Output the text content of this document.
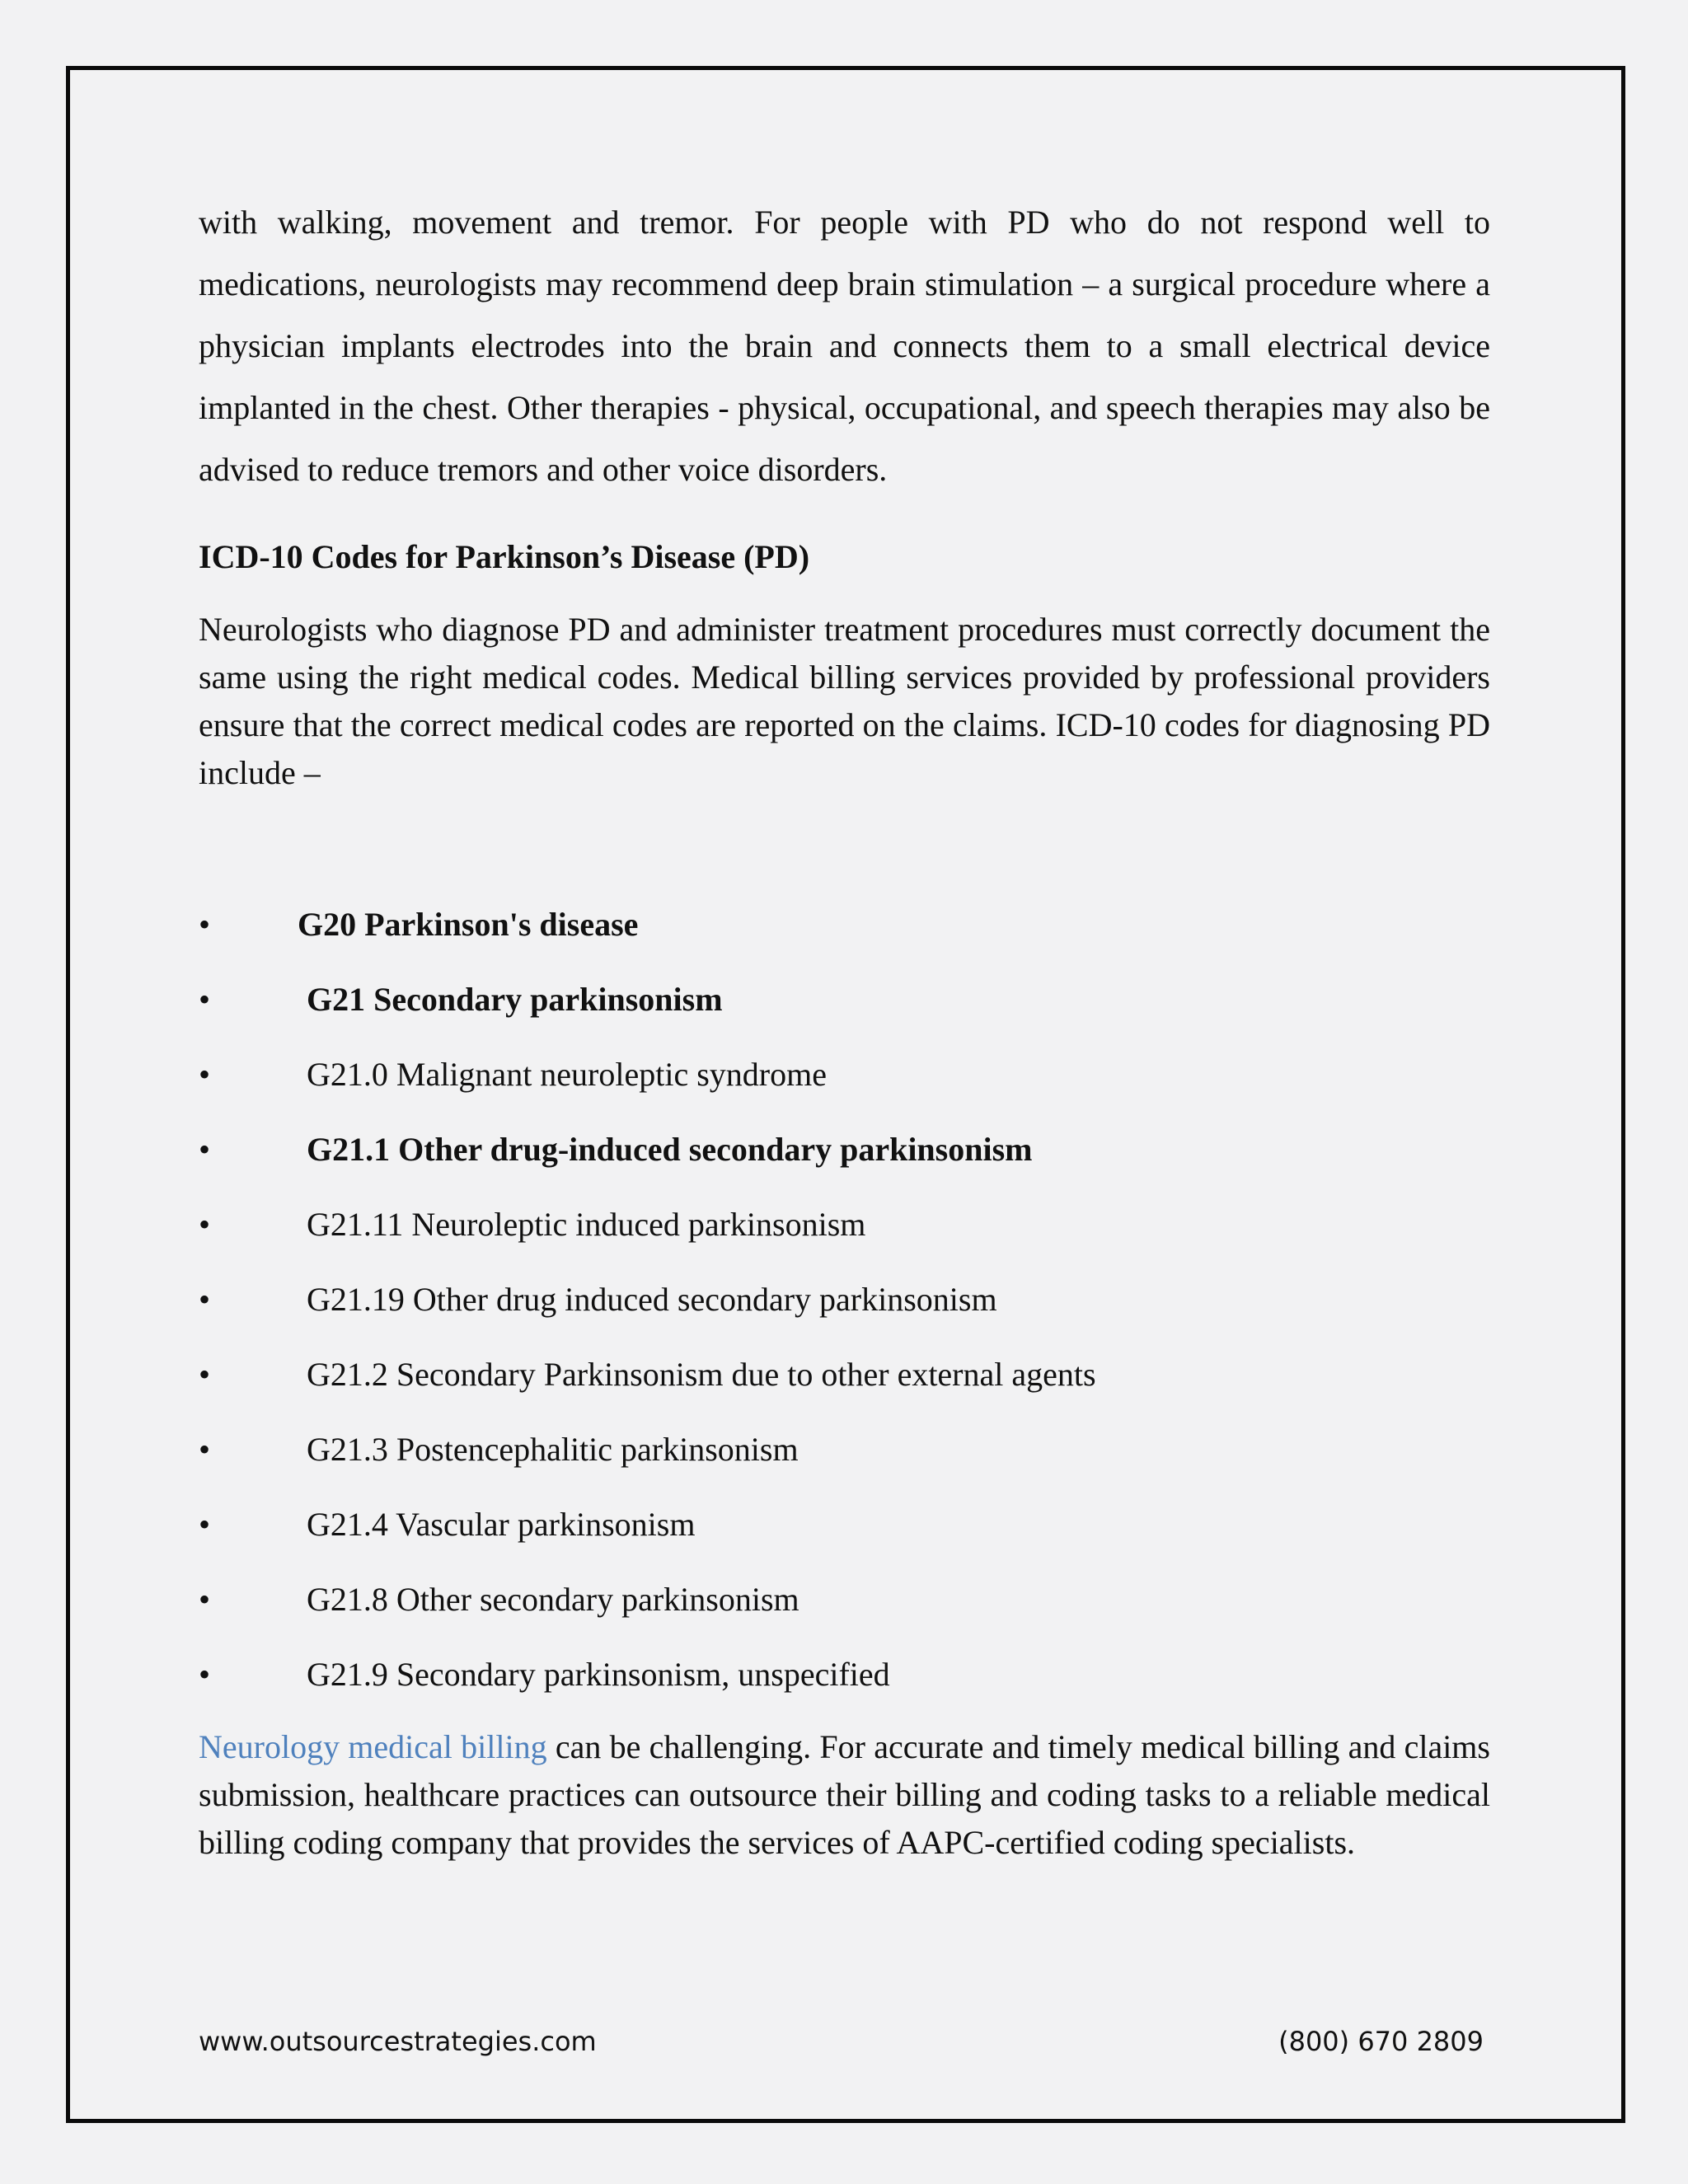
with walking, movement and tremor. For people with PD who do not respond well to medications, neurologists may recommend deep brain stimulation – a surgical procedure where a physician implants electrodes into the brain and connects them to a small electrical device implanted in the chest. Other therapies - physical, occupational, and speech therapies may also be advised to reduce tremors and other voice disorders.

ICD-10 Codes for Parkinson’s Disease (PD)

Neurologists who diagnose PD and administer treatment procedures must correctly document the same using the right medical codes. Medical billing services provided by professional providers ensure that the correct medical codes are reported on the claims. ICD-10 codes for diagnosing PD include –

•	G20 Parkinson's disease
•	G21 Secondary parkinsonism
•	G21.0 Malignant neuroleptic syndrome
•	G21.1 Other drug-induced secondary parkinsonism
•	G21.11 Neuroleptic induced parkinsonism
•	G21.19 Other drug induced secondary parkinsonism
•	G21.2 Secondary Parkinsonism due to other external agents
•	G21.3 Postencephalitic parkinsonism
•	G21.4 Vascular parkinsonism
•	G21.8 Other secondary parkinsonism
•	G21.9 Secondary parkinsonism, unspecified

Neurology medical billing can be challenging. For accurate and timely medical billing and claims submission, healthcare practices can outsource their billing and coding tasks to a reliable medical billing coding company that provides the services of AAPC-certified coding specialists.

www.outsourcestrategies.com	(800) 670 2809
